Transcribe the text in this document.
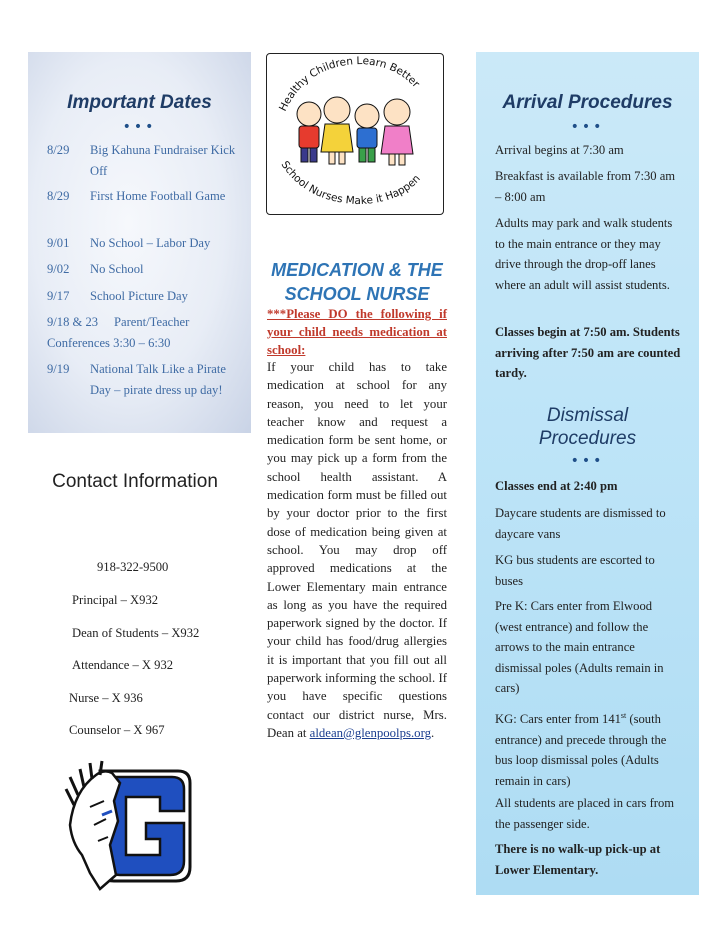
Important Dates
•••
8/29 Big Kahuna Fundraiser Kick Off
8/29 First Home Football Game
9/01 No School – Labor Day
9/02 No School
9/17 School Picture Day
9/18 & 23	Parent/Teacher Conferences 3:30 – 6:30
9/19 National Talk Like a Pirate Day – pirate dress up day!
Contact Information
918-322-9500
Principal – X932
Dean of Students – X932
Attendance – X 932
Nurse – X 936
Counselor – X 967
Healthy Children Learn Better
School Nurses Make it Happen
MEDICATION & THE SCHOOL NURSE
***Please DO the following if your child needs medication at school:
If your child has to take medication at school for any reason, you need to let your teacher know and request a medication form be sent home, or you may pick up a form from the school health assistant. A medication form must be filled out by your doctor prior to the first dose of medication being given at school. You may drop off approved medications at the Lower Elementary main entrance as long as you have the required paperwork signed by the doctor. If your child has food/drug allergies it is important that you fill out all paperwork informing the school. If you have specific questions contact our district nurse, Mrs. Dean at aldean@glenpoolps.org.
Arrival Procedures
•••
Dismissal Procedures
•••
Arrival begins at 7:30 am
Breakfast is available from 7:30 am – 8:00 am
Adults may park and walk students to the main entrance or they may drive through the drop-off lanes where an adult will assist students.
Classes begin at 7:50 am. Students arriving after 7:50 am are counted tardy.
Classes end at 2:40 pm
Daycare students are dismissed to daycare vans
KG bus students are escorted to buses
Pre K: Cars enter from Elwood (west entrance) and follow the arrows to the main entrance dismissal poles (Adults remain in cars)
KG: Cars enter from 141st (south entrance) and precede through the bus loop dismissal poles (Adults remain in cars)
All students are placed in cars from the passenger side.
There is no walk-up pick-up at Lower Elementary.
